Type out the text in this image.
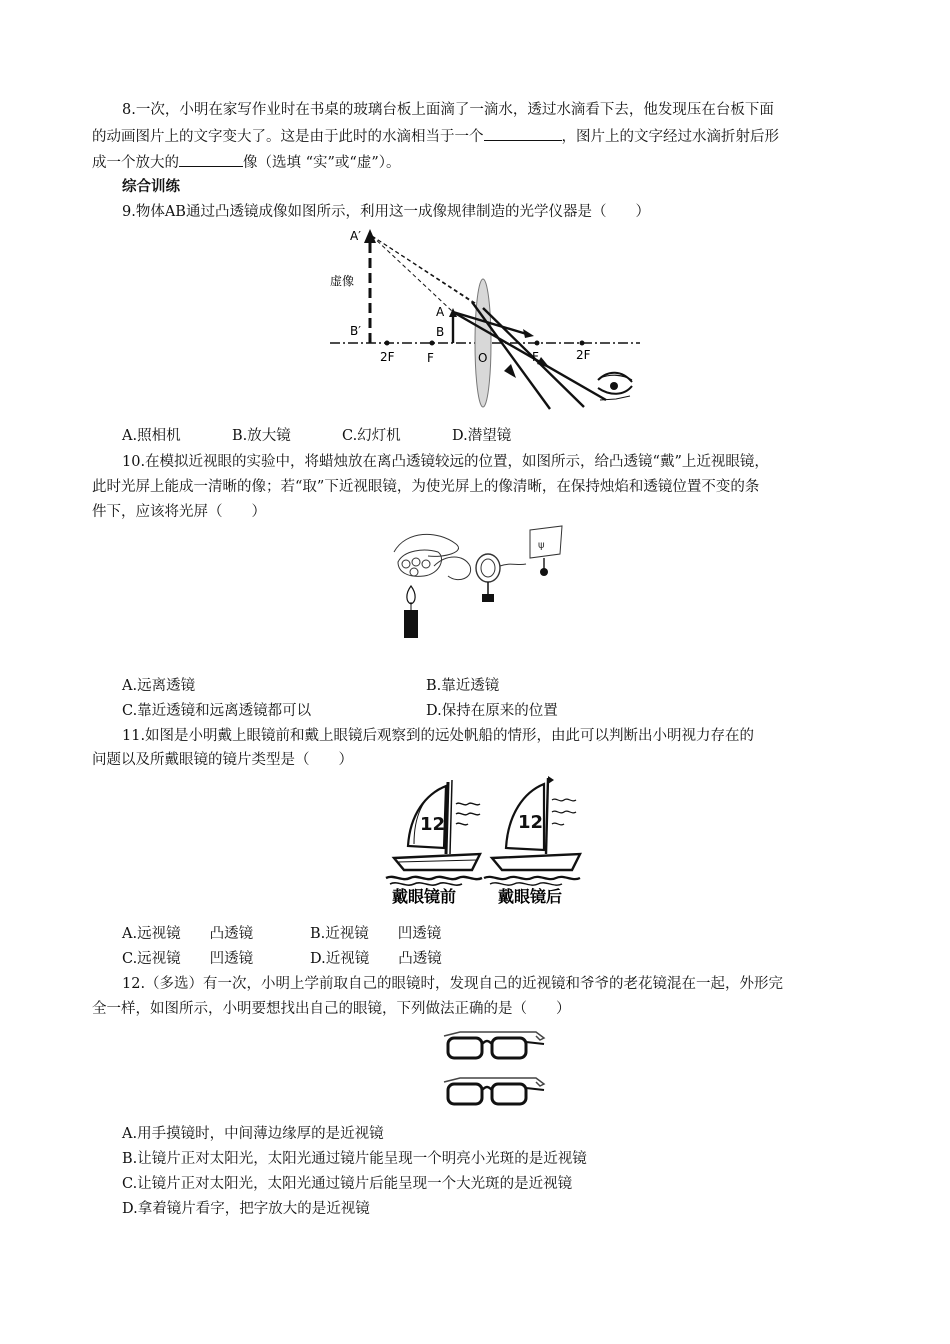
8.一次，小明在家写作业时在书桌的玻璃台板上面滴了一滴水，透过水滴看下去，他发现压在台板下面
的动画图片上的文字变大了。这是由于此时的水滴相当于一个	，图片上的文字经过水滴折射后形
成一个放大的	像（选填 “实”或“虚”）。
综合训练
9.物体AB通过凸透镜成像如图所示，利用这一成像规律制造的光学仪器是（　　）
A′
虚像
B′
A
B
2F	F	O	F	2F
A.照相机	B.放大镜	C.幻灯机	D.潜望镜
10.在模拟近视眼的实验中，将蜡烛放在离凸透镜较远的位置，如图所示，给凸透镜“戴”上近视眼镜，
此时光屏上能成一清晰的像；若“取”下近视眼镜，为使光屏上的像清晰，在保持烛焰和透镜位置不变的条
件下，应该将光屏（　　）
ψ
A.远离透镜	B.靠近透镜
C.靠近透镜和远离透镜都可以	D.保持在原来的位置
11.如图是小明戴上眼镜前和戴上眼镜后观察到的远处帆船的情形，由此可以判断出小明视力存在的
问题以及所戴眼镜的镜片类型是（　　）
12	12
戴眼镜前	戴眼镜后
A.远视镜　　凸透镜	B.近视镜　　凹透镜
C.远视镜　　凹透镜	D.近视镜　　凸透镜
12.（多选）有一次，小明上学前取自己的眼镜时，发现自己的近视镜和爷爷的老花镜混在一起，外形完
全一样，如图所示，小明要想找出自己的眼镜，下列做法正确的是（　　）
A.用手摸镜时，中间薄边缘厚的是近视镜
B.让镜片正对太阳光，太阳光通过镜片能呈现一个明亮小光斑的是近视镜
C.让镜片正对太阳光，太阳光通过镜片后能呈现一个大光斑的是近视镜
D.拿着镜片看字，把字放大的是近视镜
